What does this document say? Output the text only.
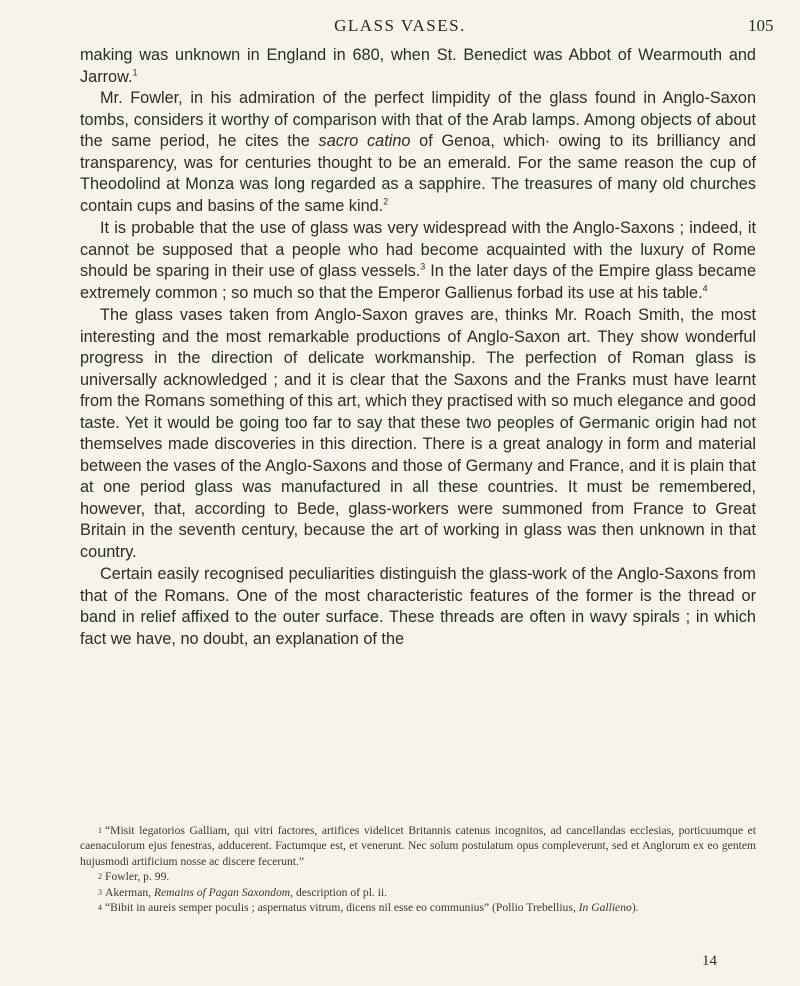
GLASS VASES.	105

making was unknown in England in 680, when St. Benedict was Abbot of Wearmouth and Jarrow.$^1$

Mr. Fowler, in his admiration of the perfect limpidity of the glass found in Anglo-Saxon tombs, considers it worthy of comparison with that of the Arab lamps. Among objects of about the same period, he cites the sacro catino of Genoa, which· owing to its brilliancy and transparency, was for centuries thought to be an emerald. For the same reason the cup of Theodolind at Monza was long regarded as a sapphire. The treasures of many old churches contain cups and basins of the same kind.$^2$

It is probable that the use of glass was very widespread with the Anglo-Saxons ; indeed, it cannot be supposed that a people who had become acquainted with the luxury of Rome should be sparing in their use of glass vessels.$^3$ In the later days of the Empire glass became extremely common ; so much so that the Emperor Gallienus forbad its use at his table.$^4$

The glass vases taken from Anglo-Saxon graves are, thinks Mr. Roach Smith, the most interesting and the most remarkable productions of Anglo-Saxon art. They show wonderful progress in the direction of delicate workmanship. The perfection of Roman glass is universally acknowledged ; and it is clear that the Saxons and the Franks must have learnt from the Romans something of this art, which they practised with so much elegance and good taste. Yet it would be going too far to say that these two peoples of Germanic origin had not themselves made discoveries in this direction. There is a great analogy in form and material between the vases of the Anglo-Saxons and those of Germany and France, and it is plain that at one period glass was manufactured in all these countries. It must be remembered, however, that, according to Bede, glass-workers were summoned from France to Great Britain in the seventh century, because the art of working in glass was then unknown in that country.

Certain easily recognised peculiarities distinguish the glass-work of the Anglo-Saxons from that of the Romans. One of the most characteristic features of the former is the thread or band in relief affixed to the outer surface. These threads are often in wavy spirals ; in which fact we have, no doubt, an explanation of the

$^1$ “Misit legatorios Galliam, qui vitri factores, artifices videlicet Britannis catenus incognitos, ad cancellandas ecclesias, porticuumque et caenaculorum ejus fenestras, adducerent. Factumque est, et venerunt. Nec solum postulatum opus compleverunt, sed et Anglorum ex eo gentem hujusmodi artificium nosse ac discere fecerunt.”

$^2$ Fowler, p. 99.

$^3$ Akerman, Remains of Pagan Saxondom, description of pl. ii.

$^4$ “Bibit in aureis semper poculis ; aspernatus vitrum, dicens nil esse eo communius” (Pollio Trebellius, In Gallieno).

14
